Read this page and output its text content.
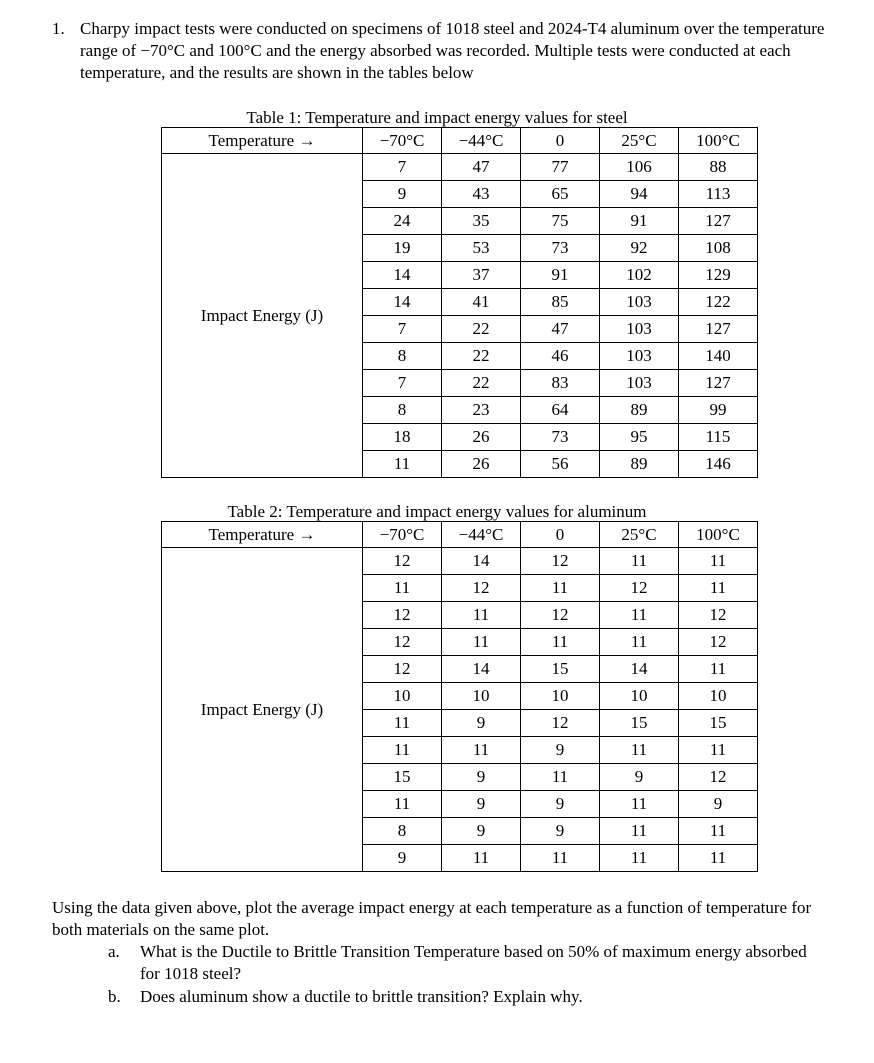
1. Charpy impact tests were conducted on specimens of 1018 steel and 2024-T4 aluminum over the temperature range of −70°C and 100°C and the energy absorbed was recorded. Multiple tests were conducted at each temperature, and the results are shown in the tables below
Table 1: Temperature and impact energy values for steel
Temperature →	−70°C	−44°C	0	25°C	100°C
Impact Energy (J)	7	47	77	106	88
	9	43	65	94	113
	24	35	75	91	127
	19	53	73	92	108
	14	37	91	102	129
	14	41	85	103	122
	7	22	47	103	127
	8	22	46	103	140
	7	22	83	103	127
	8	23	64	89	99
	18	26	73	95	115
	11	26	56	89	146
Table 2: Temperature and impact energy values for aluminum
Temperature →	−70°C	−44°C	0	25°C	100°C
Impact Energy (J)	12	14	12	11	11
	11	12	11	12	11
	12	11	12	11	12
	12	11	11	11	12
	12	14	15	14	11
	10	10	10	10	10
	11	9	12	15	15
	11	11	9	11	11
	15	9	11	9	12
	11	9	9	11	9
	8	9	9	11	11
	9	11	11	11	11
Using the data given above, plot the average impact energy at each temperature as a function of temperature for both materials on the same plot.
a. What is the Ductile to Brittle Transition Temperature based on 50% of maximum energy absorbed for 1018 steel?
b. Does aluminum show a ductile to brittle transition? Explain why.
